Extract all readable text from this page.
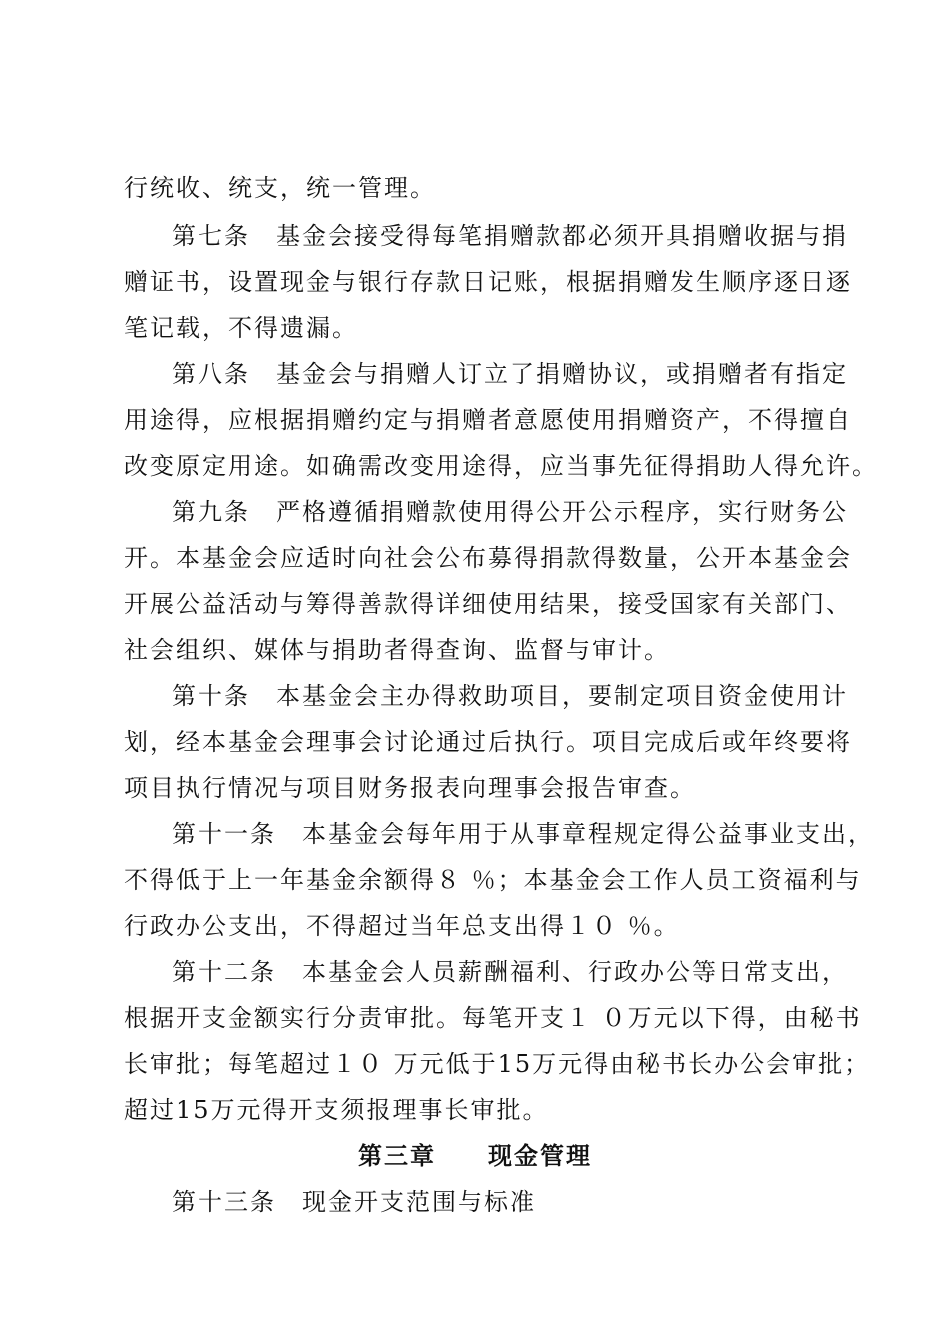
行统收、统支，统一管理。
第七条　基金会接受得每笔捐赠款都必须开具捐赠收据与捐
赠证书，设置现金与银行存款日记账，根据捐赠发生顺序逐日逐
笔记载，不得遗漏。
第八条　基金会与捐赠人订立了捐赠协议，或捐赠者有指定
用途得，应根据捐赠约定与捐赠者意愿使用捐赠资产，不得擅自
改变原定用途。如确需改变用途得，应当事先征得捐助人得允许。
第九条　严格遵循捐赠款使用得公开公示程序，实行财务公
开。本基金会应适时向社会公布募得捐款得数量，公开本基金会
开展公益活动与筹得善款得详细使用结果，接受国家有关部门、
社会组织、媒体与捐助者得查询、监督与审计。
第十条　本基金会主办得救助项目，要制定项目资金使用计
划，经本基金会理事会讨论通过后执行。项目完成后或年终要将
项目执行情况与项目财务报表向理事会报告审查。
第十一条　本基金会每年用于从事章程规定得公益事业支出，
不得低于上一年基金余额得８ ％；本基金会工作人员工资福利与
行政办公支出，不得超过当年总支出得１０ ％。
第十二条　本基金会人员薪酬福利、行政办公等日常支出，
根据开支金额实行分责审批。每笔开支１ ０万元以下得，由秘书
长审批；每笔超过１０ 万元低于15万元得由秘书长办公会审批；
超过15万元得开支须报理事长审批。
第三章　　现金管理
第十三条　现金开支范围与标准
